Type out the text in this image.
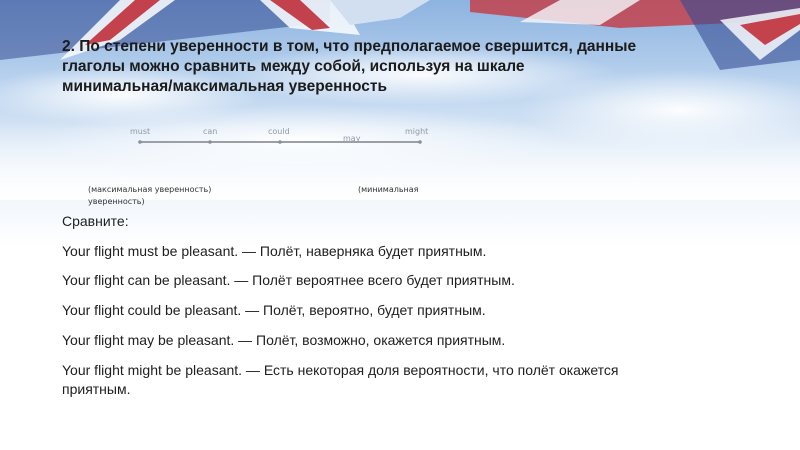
2. По степени уверенности в том, что предполагаемое свершится, данные
глаголы можно сравнить между собой, используя на шкале
минимальная/максимальная уверенность
must	can	could
may
might
(максимальная уверенность)	(минимальная
уверенность)
Сравните:
Your flight must be pleasant. — Полёт, наверняка будет приятным.
Your flight can be pleasant. — Полёт вероятнее всего будет приятным.
Your flight could be pleasant. — Полёт, вероятно, будет приятным.
Your flight may be pleasant. — Полёт, возможно, окажется приятным.
Your flight might be pleasant. — Есть некоторая доля вероятности, что полёт окажется
приятным.
